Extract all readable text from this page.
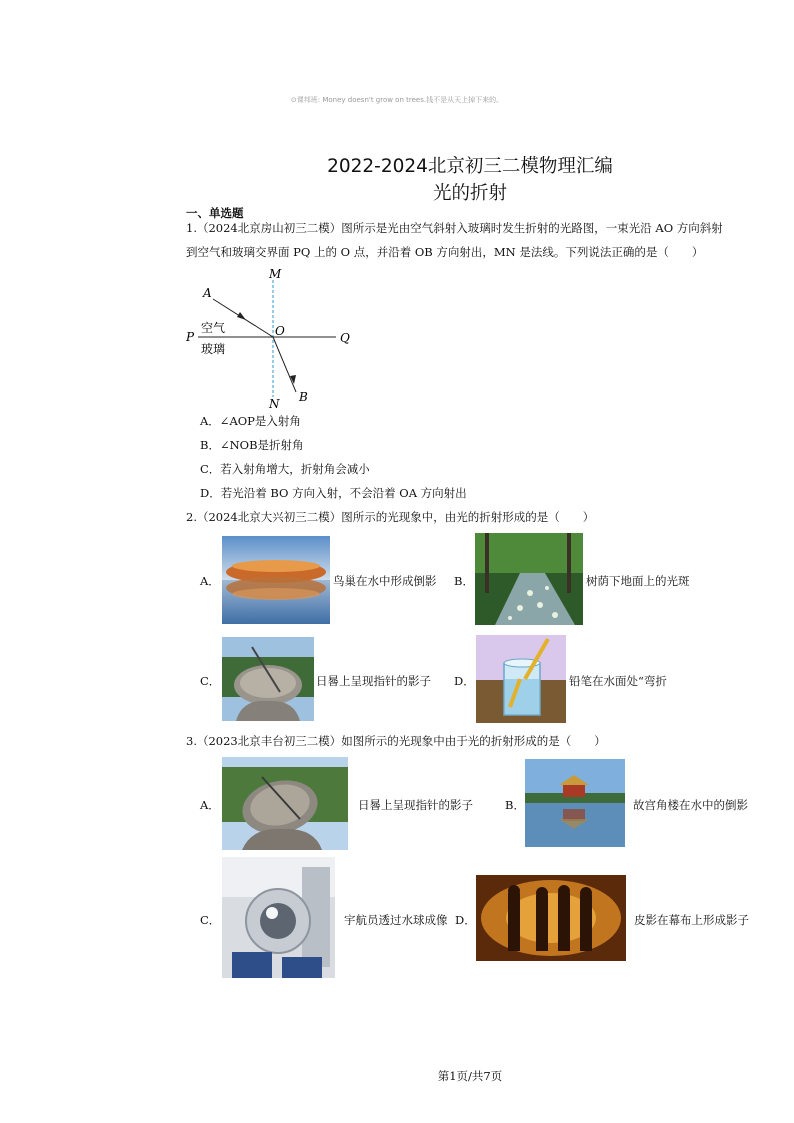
⊙课邦班: Money doesn't grow on trees.钱不是从天上掉下来的。
2022-2024北京初三二模物理汇编
光的折射
一、单选题
1.（2024北京房山初三二模）图所示是光由空气斜射入玻璃时发生折射的光路图，一束光沿 AO 方向斜射
到空气和玻璃交界面 PQ 上的 O 点，并沿着 OB 方向射出，MN 是法线。下列说法正确的是（　　）
M
N
A
B
O
P	Q
空气
玻璃
A．∠AOP是入射角
B．∠NOB是折射角
C．若入射角增大，折射角会减小
D．若光沿着 BO 方向入射，不会沿着 OA 方向射出
2.（2024北京大兴初三二模）图所示的光现象中，由光的折射形成的是（　　）
A．	鸟巢在水中形成倒影 B．	树荫下地面上的光斑
C．	日晷上呈现指针的影子 D．	铅笔在水面处“弯折
3.（2023北京丰台初三二模）如图所示的光现象中由于光的折射形成的是（　　）
A．	日晷上呈现指针的影子	B．	故宫角楼在水中的倒影
C．	宇航员透过水球成像 D．	皮影在幕布上形成影子
第1页/共7页
